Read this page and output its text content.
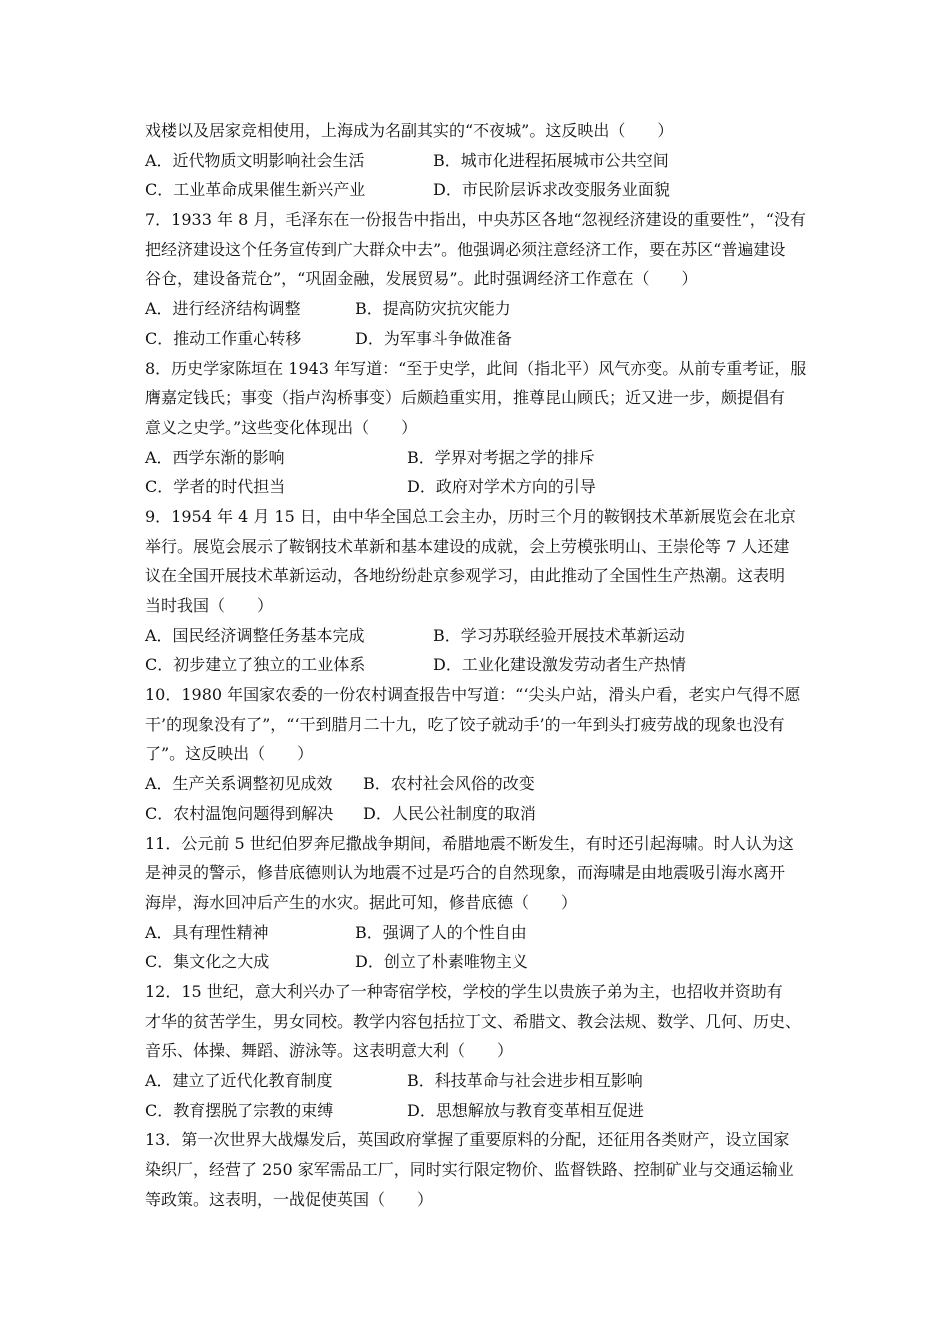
戏楼以及居家竞相使用，上海成为名副其实的“不夜城”。这反映出（　　）
A．近代物质文明影响社会生活	B．城市化进程拓展城市公共空间
C．工业革命成果催生新兴产业	D．市民阶层诉求改变服务业面貌
7．1933 年 8 月，毛泽东在一份报告中指出，中央苏区各地“忽视经济建设的重要性”，“没有
把经济建设这个任务宣传到广大群众中去”。他强调必须注意经济工作，要在苏区“普遍建设
谷仓，建设备荒仓”，“巩固金融，发展贸易”。此时强调经济工作意在（　　）
A．进行经济结构调整	B．提高防灾抗灾能力
C．推动工作重心转移	D．为军事斗争做准备
8．历史学家陈垣在 1943 年写道：“至于史学，此间（指北平）风气亦变。从前专重考证，服
膺嘉定钱氏；事变（指卢沟桥事变）后颇趋重实用，推尊昆山顾氏；近又进一步，颇提倡有
意义之史学。”这些变化体现出（　　）
A．西学东渐的影响	B．学界对考据之学的排斥
C．学者的时代担当	D．政府对学术方向的引导
9．1954 年 4 月 15 日，由中华全国总工会主办，历时三个月的鞍钢技术革新展览会在北京
举行。展览会展示了鞍钢技术革新和基本建设的成就，会上劳模张明山、王崇伦等 7 人还建
议在全国开展技术革新运动，各地纷纷赴京参观学习，由此推动了全国性生产热潮。这表明
当时我国（　　）
A．国民经济调整任务基本完成	B．学习苏联经验开展技术革新运动
C．初步建立了独立的工业体系	D．工业化建设激发劳动者生产热情
10．1980 年国家农委的一份农村调查报告中写道：“‘尖头户站，滑头户看，老实户气得不愿
干’的现象没有了”，“‘干到腊月二十九，吃了饺子就动手’的一年到头打疲劳战的现象也没有
了”。这反映出（　　）
A．生产关系调整初见成效 B．农村社会风俗的改变
C．农村温饱问题得到解决 D．人民公社制度的取消
11．公元前 5 世纪伯罗奔尼撒战争期间，希腊地震不断发生，有时还引起海啸。时人认为这
是神灵的警示，修昔底德则认为地震不过是巧合的自然现象，而海啸是由地震吸引海水离开
海岸，海水回冲后产生的水灾。据此可知，修昔底德（　　）
A．具有理性精神	B．强调了人的个性自由
C．集文化之大成	D．创立了朴素唯物主义
12．15 世纪，意大利兴办了一种寄宿学校，学校的学生以贵族子弟为主，也招收并资助有
才华的贫苦学生，男女同校。教学内容包括拉丁文、希腊文、教会法规、数学、几何、历史、
音乐、体操、舞蹈、游泳等。这表明意大利（　　）
A．建立了近代化教育制度	B．科技革命与社会进步相互影响
C．教育摆脱了宗教的束缚	D．思想解放与教育变革相互促进
13．第一次世界大战爆发后，英国政府掌握了重要原料的分配，还征用各类财产，设立国家
染织厂，经营了 250 家军需品工厂，同时实行限定物价、监督铁路、控制矿业与交通运输业
等政策。这表明，一战促使英国（　　）
